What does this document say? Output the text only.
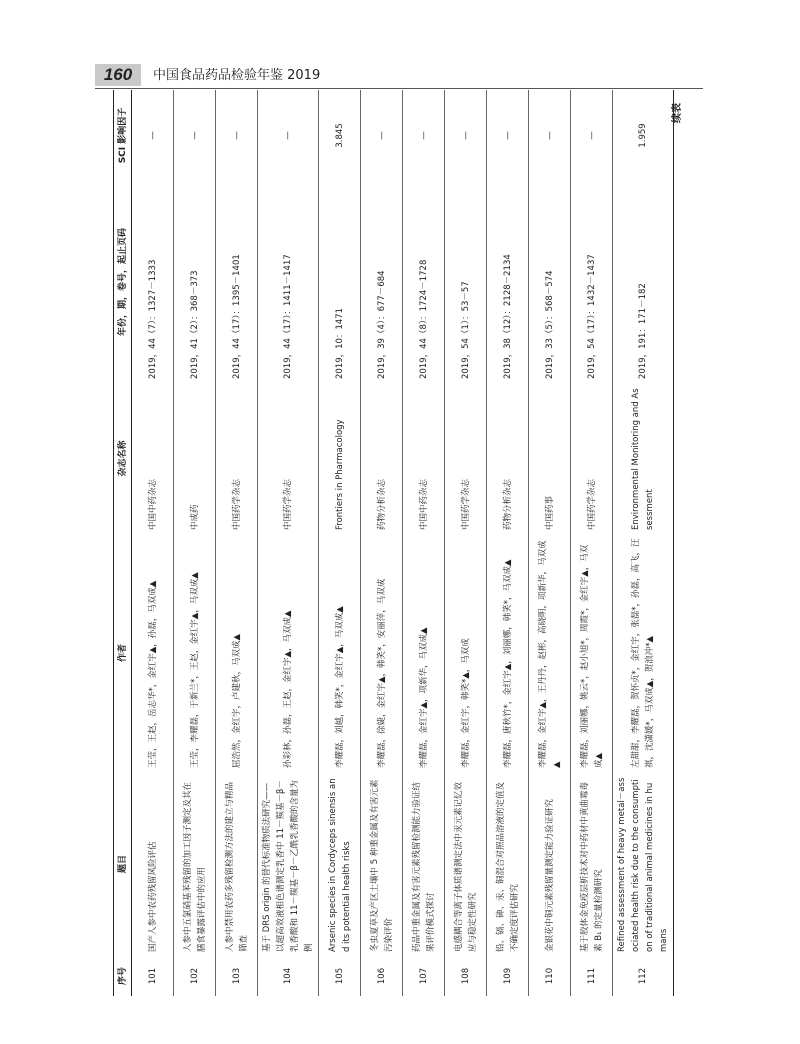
160	中国食品药品检验年鉴 2019
续表
序号	题目	作者	杂志名称	年份，期，卷号，起止页码	SCI 影响因子
101	国产人参中农药残留风险评估	王莹，王赵，岳志华*，金红宇▲，孙磊，马双成▲	中国中药杂志	2019，44（7）：1327－1333	—
102	人参中五氯硝基苯残留的加工因子测定及其在膳食暴露评估中的应用	王莹，李耀磊，于新兰*，王赵，金红宇▲，马双成▲	中成药	2019，41（2）：368－373	—
103	人参中禁用农药多残留检测方法的建立与精品筛查	屈浩然，金红宇，卢建秋，马双成▲	中国药学杂志	2019，44（17）：1395－1401	—
104	基于 DRS origin 的替代标准物质法研究——以超高效液相色谱测定乳香中 11－羰基－β－乳香酸和 11－羰基－β－乙酰乳香酸的含量为例	孙彩林，孙磊，王赵，金红宇▲，马双成▲	中国药学杂志	2019，44（17）：1411－1417	—
105	Arsenic species in Cordyceps sinensis and its potential health risks	李耀磊，刘越，韩笑*，金红宇▲，马双成▲	Frontiers in Pharmacology	2019，10：1471	3.845
106	冬虫夏草及产区土壤中 5 种重金属及有害元素污染评价	李耀磊，徐婕，金红宇▲，韩笑*，安丽萍，马双成	药物分析杂志	2019，39（4）：677－684	—
107	药品中重金属及有害元素残留检测能力验证结果评价模式探讨	李耀磊，金红宇▲，项新华，马双成▲	中国中药杂志	2019，44（8）：1724－1728	—
108	电感耦合等离子体质谱测定法中汞元素记忆效应与稳定性研究	李耀磊，金红宇，韩笑*▲，马双成	中国药学杂志	2019，54（1）：53－57	—
109	铅、镉、砷、汞、铜混合对照品溶液的定值及不确定度评估研究	李耀磊，唐秋竹*，金红宇▲，刘丽娜，韩笑*，马双成▲	药物分析杂志	2019，38（12）：2128－2134	—
110	金银花中铜元素残留量测定能力验证研究	李耀磊，金红宇▲，王丹丹，赵彬，高晓明，项新华，马双成▲	中国药事	2019，33（5）：568－574	—
111	基于胶体金免疫层析技术对中药材中黄曲霉毒素 B₁ 的定量检测研究	李耀磊，刘丽娜，姚云*，赵小旭*，周霞*，金红宇▲，马双成▲	中国药学杂志	2019，54（17）：1432－1437	—
112	Refined assessment of heavy metal－associated health risk due to the consumption of traditional animal medicines in humans	左甜甜，李耀磊，贺怀贞*，金红宇，张磊*，孙磊，高飞，汪祺，沈潇媛*，马双成▲，贺浪冲*▲	Environmental Monitoring and Assessment	2019，191：171－182	1.959
